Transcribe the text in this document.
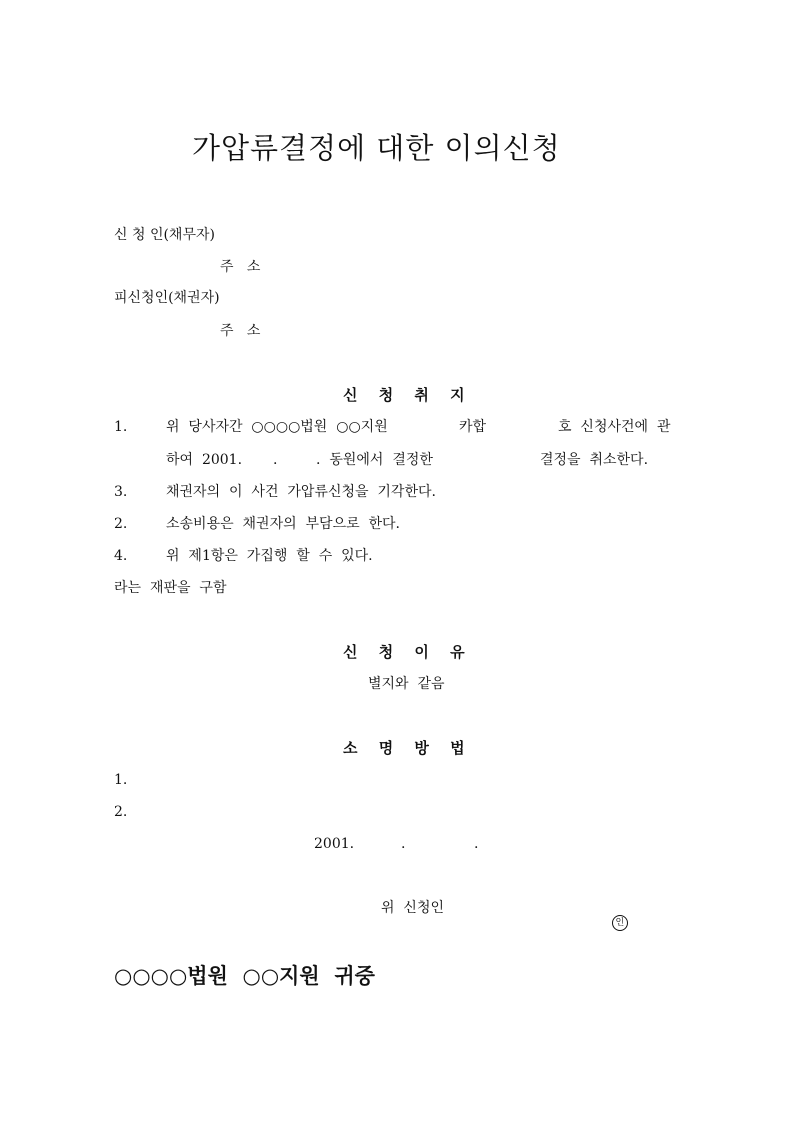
가압류결정에 대한 이의신청
신 청 인(채무자)
주   소
피신청인(채권자)
주   소
신 청 취 지
1.	위  당사자간  ○○○○법원  ○○지원	카합	호  신청사건에  관
하여  2001. .	.  동원에서  결정한	결정을  취소한다.
3.	채권자의  이  사건  가압류신청을  기각한다.
2.	소송비용은  채권자의  부담으로  한다.
4.	위  제1항은  가집행  할  수  있다.
라는  재판을  구함
신 청 이 유
별지와  같음
소 명 방 법
1.
2.
2001.	.	.
위  신청인

인

○○○○법원  ○○지원  귀중
